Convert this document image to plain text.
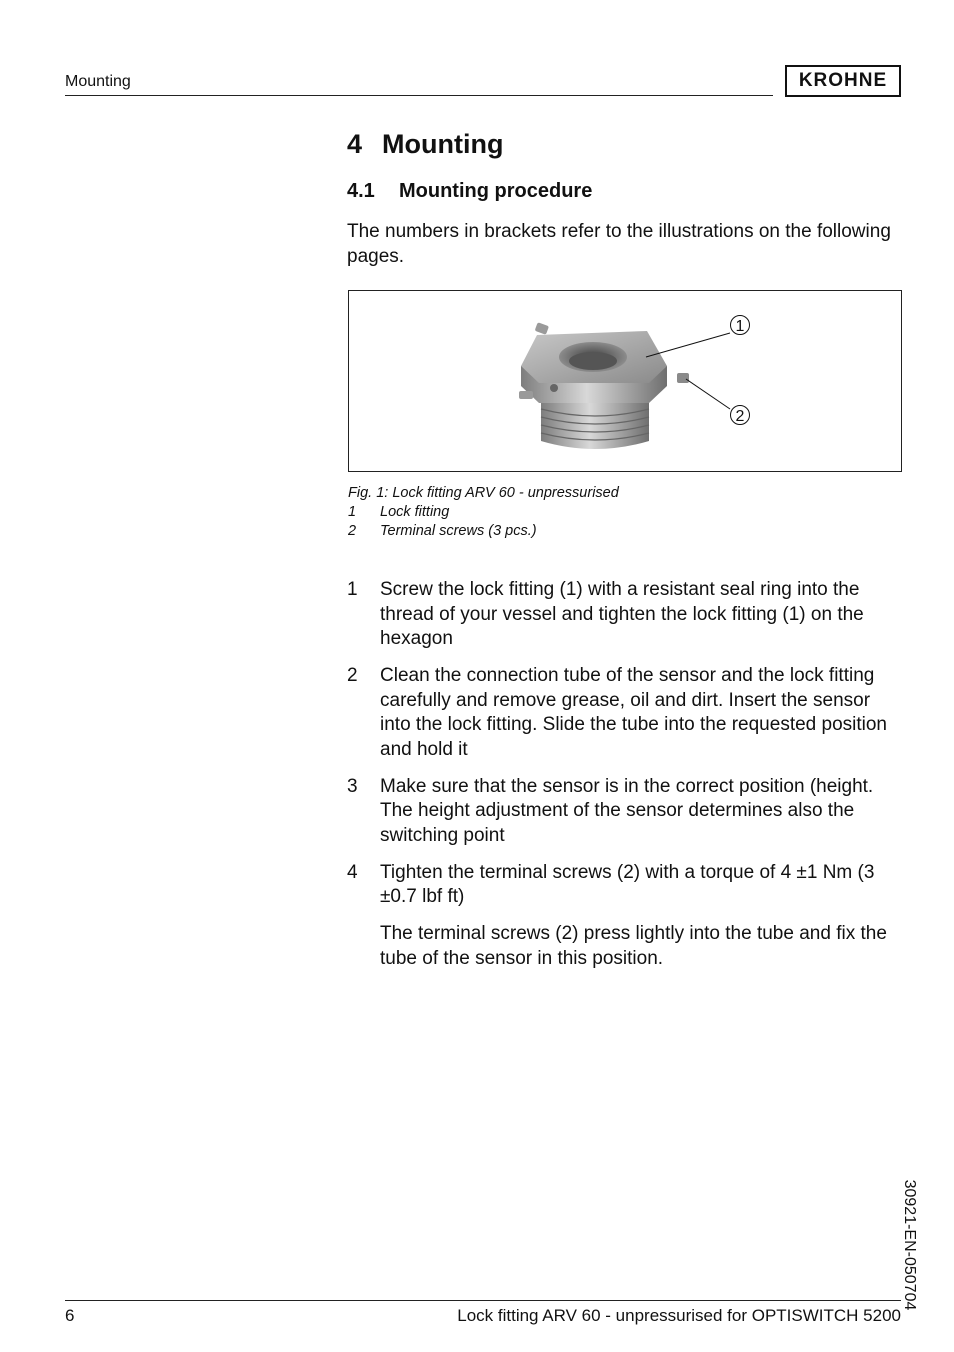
Mounting	KROHNE
4 Mounting
4.1 Mounting procedure
The numbers in brackets refer to the illustrations on the following pages.
1
2
Fig. 1: Lock fitting ARV 60 - unpressurised
1	Lock fitting
2	Terminal screws (3 pcs.)
1	Screw the lock fitting (1) with a resistant seal ring into the thread of your vessel and tighten the lock fitting (1) on the hexagon
2	Clean the connection tube of the sensor and the lock fitting carefully and remove grease, oil and dirt. Insert the sensor into the lock fitting. Slide the tube into the requested position and hold it
3	Make sure that the sensor is in the correct position (height. The height adjustment of the sensor determines also the switching point
4	Tighten the terminal screws (2) with a torque of 4 ±1 Nm (3 ±0.7 lbf ft)
The terminal screws (2) press lightly into the tube and fix the tube of the sensor in this position.
30921-EN-050704
6	Lock fitting ARV 60 - unpressurised for OPTISWITCH 5200
